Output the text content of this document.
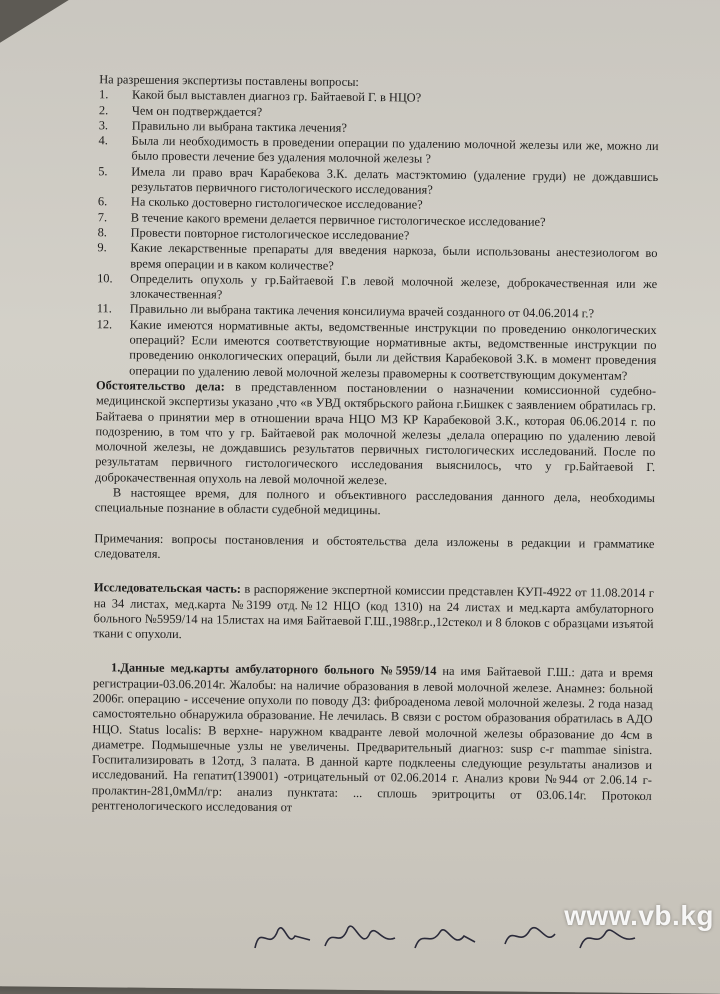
На разрешения экспертизы поставлены вопросы:
1.	Какой был выставлен диагноз гр. Байтаевой Г. в НЦО?
2.	Чем он подтверждается?
3.	Правильно ли выбрана тактика лечения?
4.	Была ли необходимость в проведении операции по удалению молочной железы или же, можно ли было провести лечение без удаления молочной железы ?
5.	Имела ли право врач Карабекова З.К. делать мастэктомию (удаление груди) не дождавшись результатов первичного гистологического исследования?
6.	На сколько достоверно гистологическое исследование?
7.	В течение какого времени делается первичное гистологическое исследование?
8.	Провести повторное гистологическое исследование?
9.	Какие лекарственные препараты для введения наркоза, были использованы анестезиологом во время операции и в каком количестве?
10.	Определить опухоль у гр.Байтаевой Г.в левой молочной железе, доброкачественная или же злокачественная?
11.	Правильно ли выбрана тактика лечения консилиума врачей созданного от 04.06.2014 г.?
12.	Какие имеются нормативные акты, ведомственные инструкции по проведению онкологических операций? Если имеются соответствующие нормативные акты, ведомственные инструкции по проведению онкологических операций, были ли действия Карабековой З.К. в момент проведения операции по удалению левой молочной железы правомерны к соответствующим документам?
Обстоятельство дела: в представленном постановлении о назначении комиссионной судебно-медицинской экспертизы указано ,что «в УВД октябрьского района г.Бишкек с заявлением обратилась гр. Байтаева о принятии мер в отношении врача НЦО МЗ КР Карабековой З.К., которая 06.06.2014 г. по подозрению, в том что у гр. Байтаевой рак молочной железы ,делала операцию по удалению левой молочной железы, не дождавшись результатов первичных гистологических исследований. После по результатам первичного гистологического исследования выяснилось, что у гр.Байтаевой Г. доброкачественная опухоль на левой молочной железе.
В настоящее время, для полного и объективного расследования данного дела, необходимы специальные познание в области судебной медицины.
Примечания: вопросы постановления и обстоятельства дела изложены в редакции и грамматике следователя.
Исследовательская часть: в распоряжение экспертной комиссии представлен КУП-4922 от 11.08.2014 г на 34 листах, мед.карта №3199 отд.№12 НЦО (код 1310) на 24 листах и мед.карта амбулаторного больного №5959/14 на 15листах на имя Байтаевой Г.Ш.,1988г.р.,12стекол и 8 блоков с образцами изъятой ткани с опухоли.
1.Данные мед.карты амбулаторного больного №5959/14 на имя Байтаевой Г.Ш.: дата и время регистрации-03.06.2014г. Жалобы: на наличие образования в левой молочной железе. Анамнез: больной 2006г. операцию - иссечение опухоли по поводу ДЗ: фиброаденома левой молочной железы. 2 года назад самостоятельно обнаружила образование. Не лечилась. В связи с ростом образования обратилась в АДО НЦО. Status localis: В верхне- наружном квадранте левой молочной железы образование до 4см в диаметре. Подмышечные узлы не увеличены. Предварительный диагноз: susp c-r mammae sinistra. Госпитализировать в 12отд, 3 палата. В данной карте подклеены следующие результаты анализов и исследований. На гепатит(139001) -отрицательный от 02.06.2014 г. Анализ крови №944 от 2.06.14 г-пролактин-281,0мМл/гр: анализ пунктата: ... сплошь эритроциты от 03.06.14г. Протокол рентгенологического исследования от
www.vb.kg
